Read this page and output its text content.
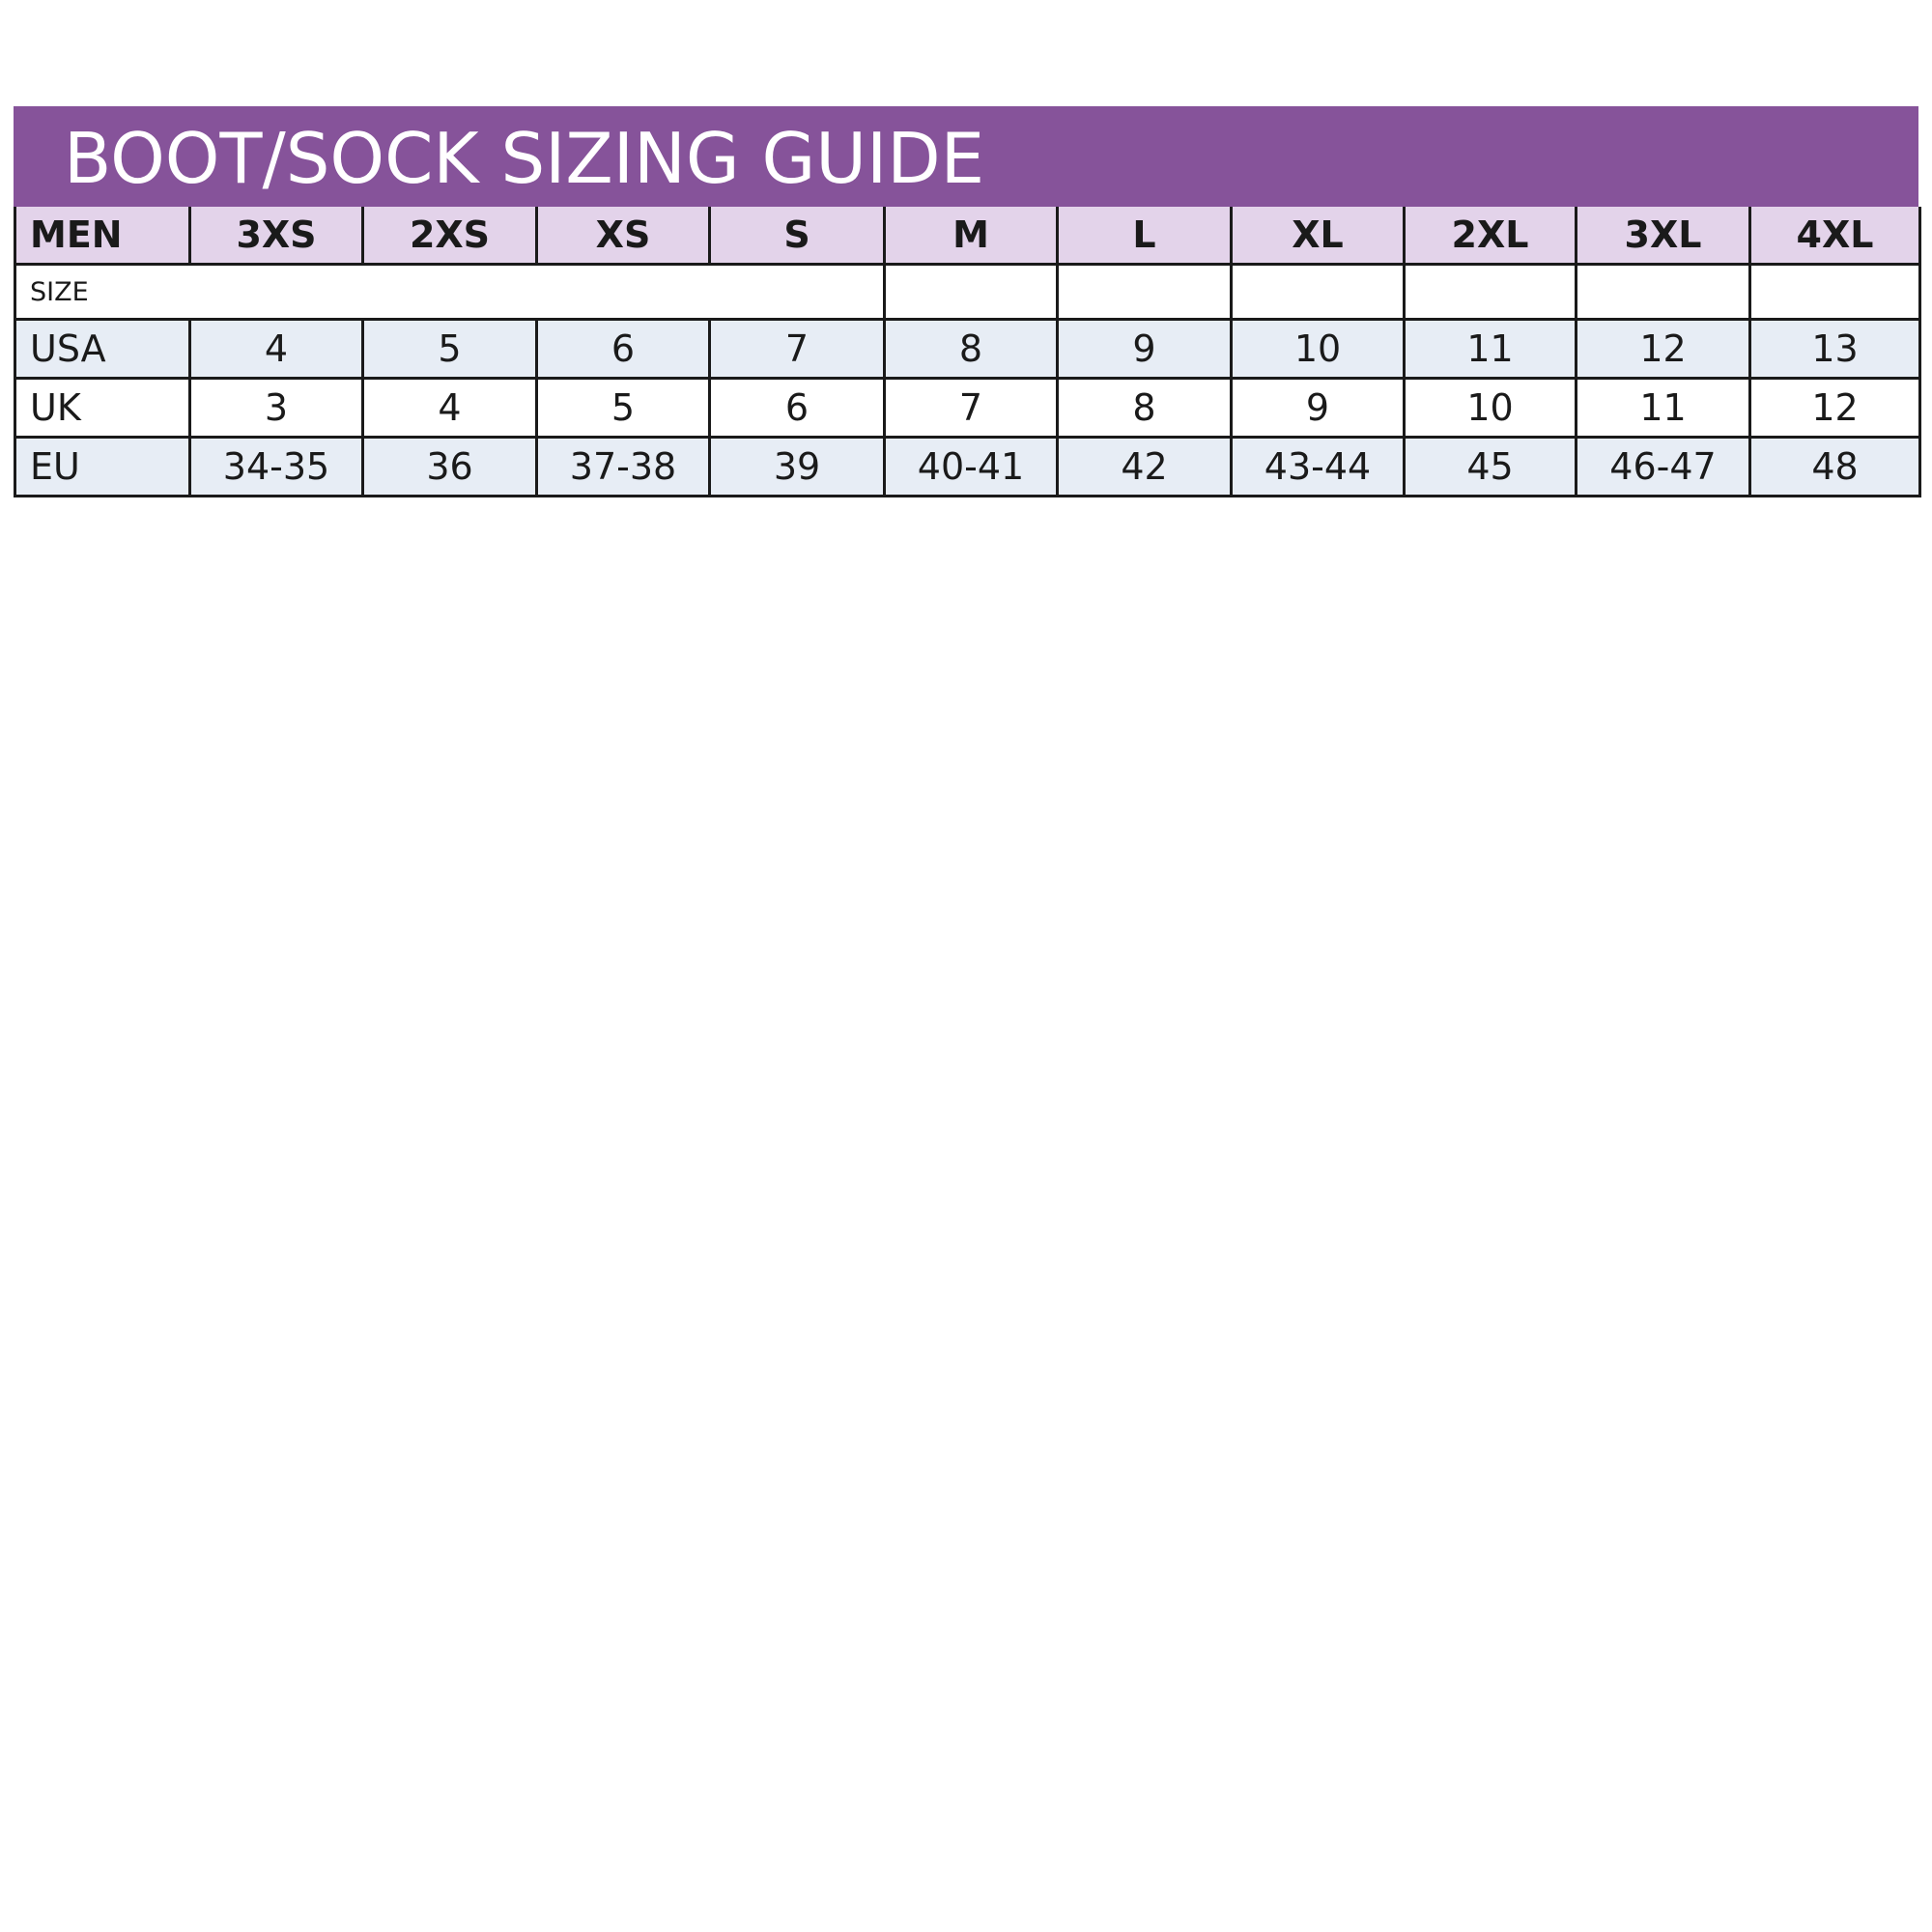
BOOT/SOCK SIZING GUIDE
MEN	3XS	2XS	XS	S	M	L	XL	2XL	3XL	4XL
SIZE										
USA	4	5	6	7	8	9	10	11	12	13
UK	3	4	5	6	7	8	9	10	11	12
EU	34-35	36	37-38	39	40-41	42	43-44	45	46-47	48
